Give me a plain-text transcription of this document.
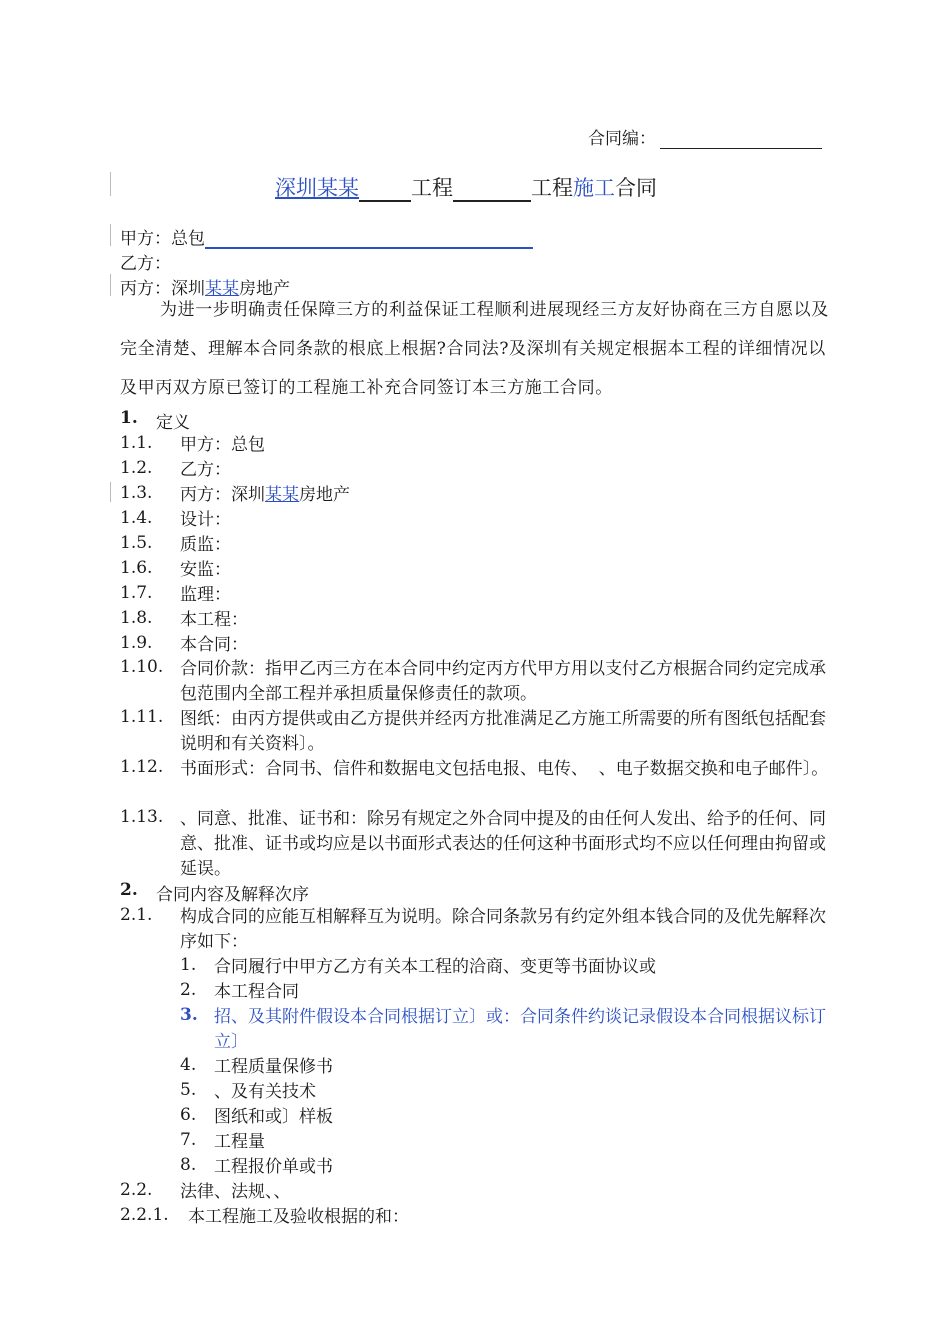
合同编：
深圳某某 工程	工程施工合同
甲方：总包
乙方：
丙方：深圳某某房地产
为进一步明确责任保障三方的利益保证工程顺利进展现经三方友好协商在三方自愿以及完全清楚、理解本合同条款的根底上根据?合同法?及深圳有关规定根据本工程的详细情况以及甲丙双方原已签订的工程施工补充合同签订本三方施工合同。
1. 定义
1.1. 甲方：总包
1.2. 乙方：
1.3. 丙方：深圳某某房地产
1.4. 设计：
1.5. 质监：
1.6. 安监：
1.7. 监理：
1.8. 本工程：
1.9. 本合同：
1.10. 合同价款：指甲乙丙三方在本合同中约定丙方代甲方用以支付乙方根据合同约定完成承包范围内全部工程并承担质量保修责任的款项。
1.11. 图纸：由丙方提供或由乙方提供并经丙方批准满足乙方施工所需要的所有图纸包括配套说明和有关资料〕。
1.12. 书面形式：合同书、信件和数据电文包括电报、电传、  、电子数据交换和电子邮件〕。
1.13. 、同意、批准、证书和：除另有规定之外合同中提及的由任何人发出、给予的任何、同意、批准、证书或均应是以书面形式表达的任何这种书面形式均不应以任何理由拘留或延误。
2. 合同内容及解释次序
2.1. 构成合同的应能互相解释互为说明。除合同条款另有约定外组本钱合同的及优先解释次序如下：
1. 合同履行中甲方乙方有关本工程的洽商、变更等书面协议或
2. 本工程合同
3. 招、及其附件假设本合同根据订立〕或：合同条件约谈记录假设本合同根据议标订立〕
4. 工程质量保修书
5. 、及有关技术
6. 图纸和或〕样板
7. 工程量
8. 工程报价单或书
2.2. 法律、法规、、
2.2.1. 本工程施工及验收根据的和：
